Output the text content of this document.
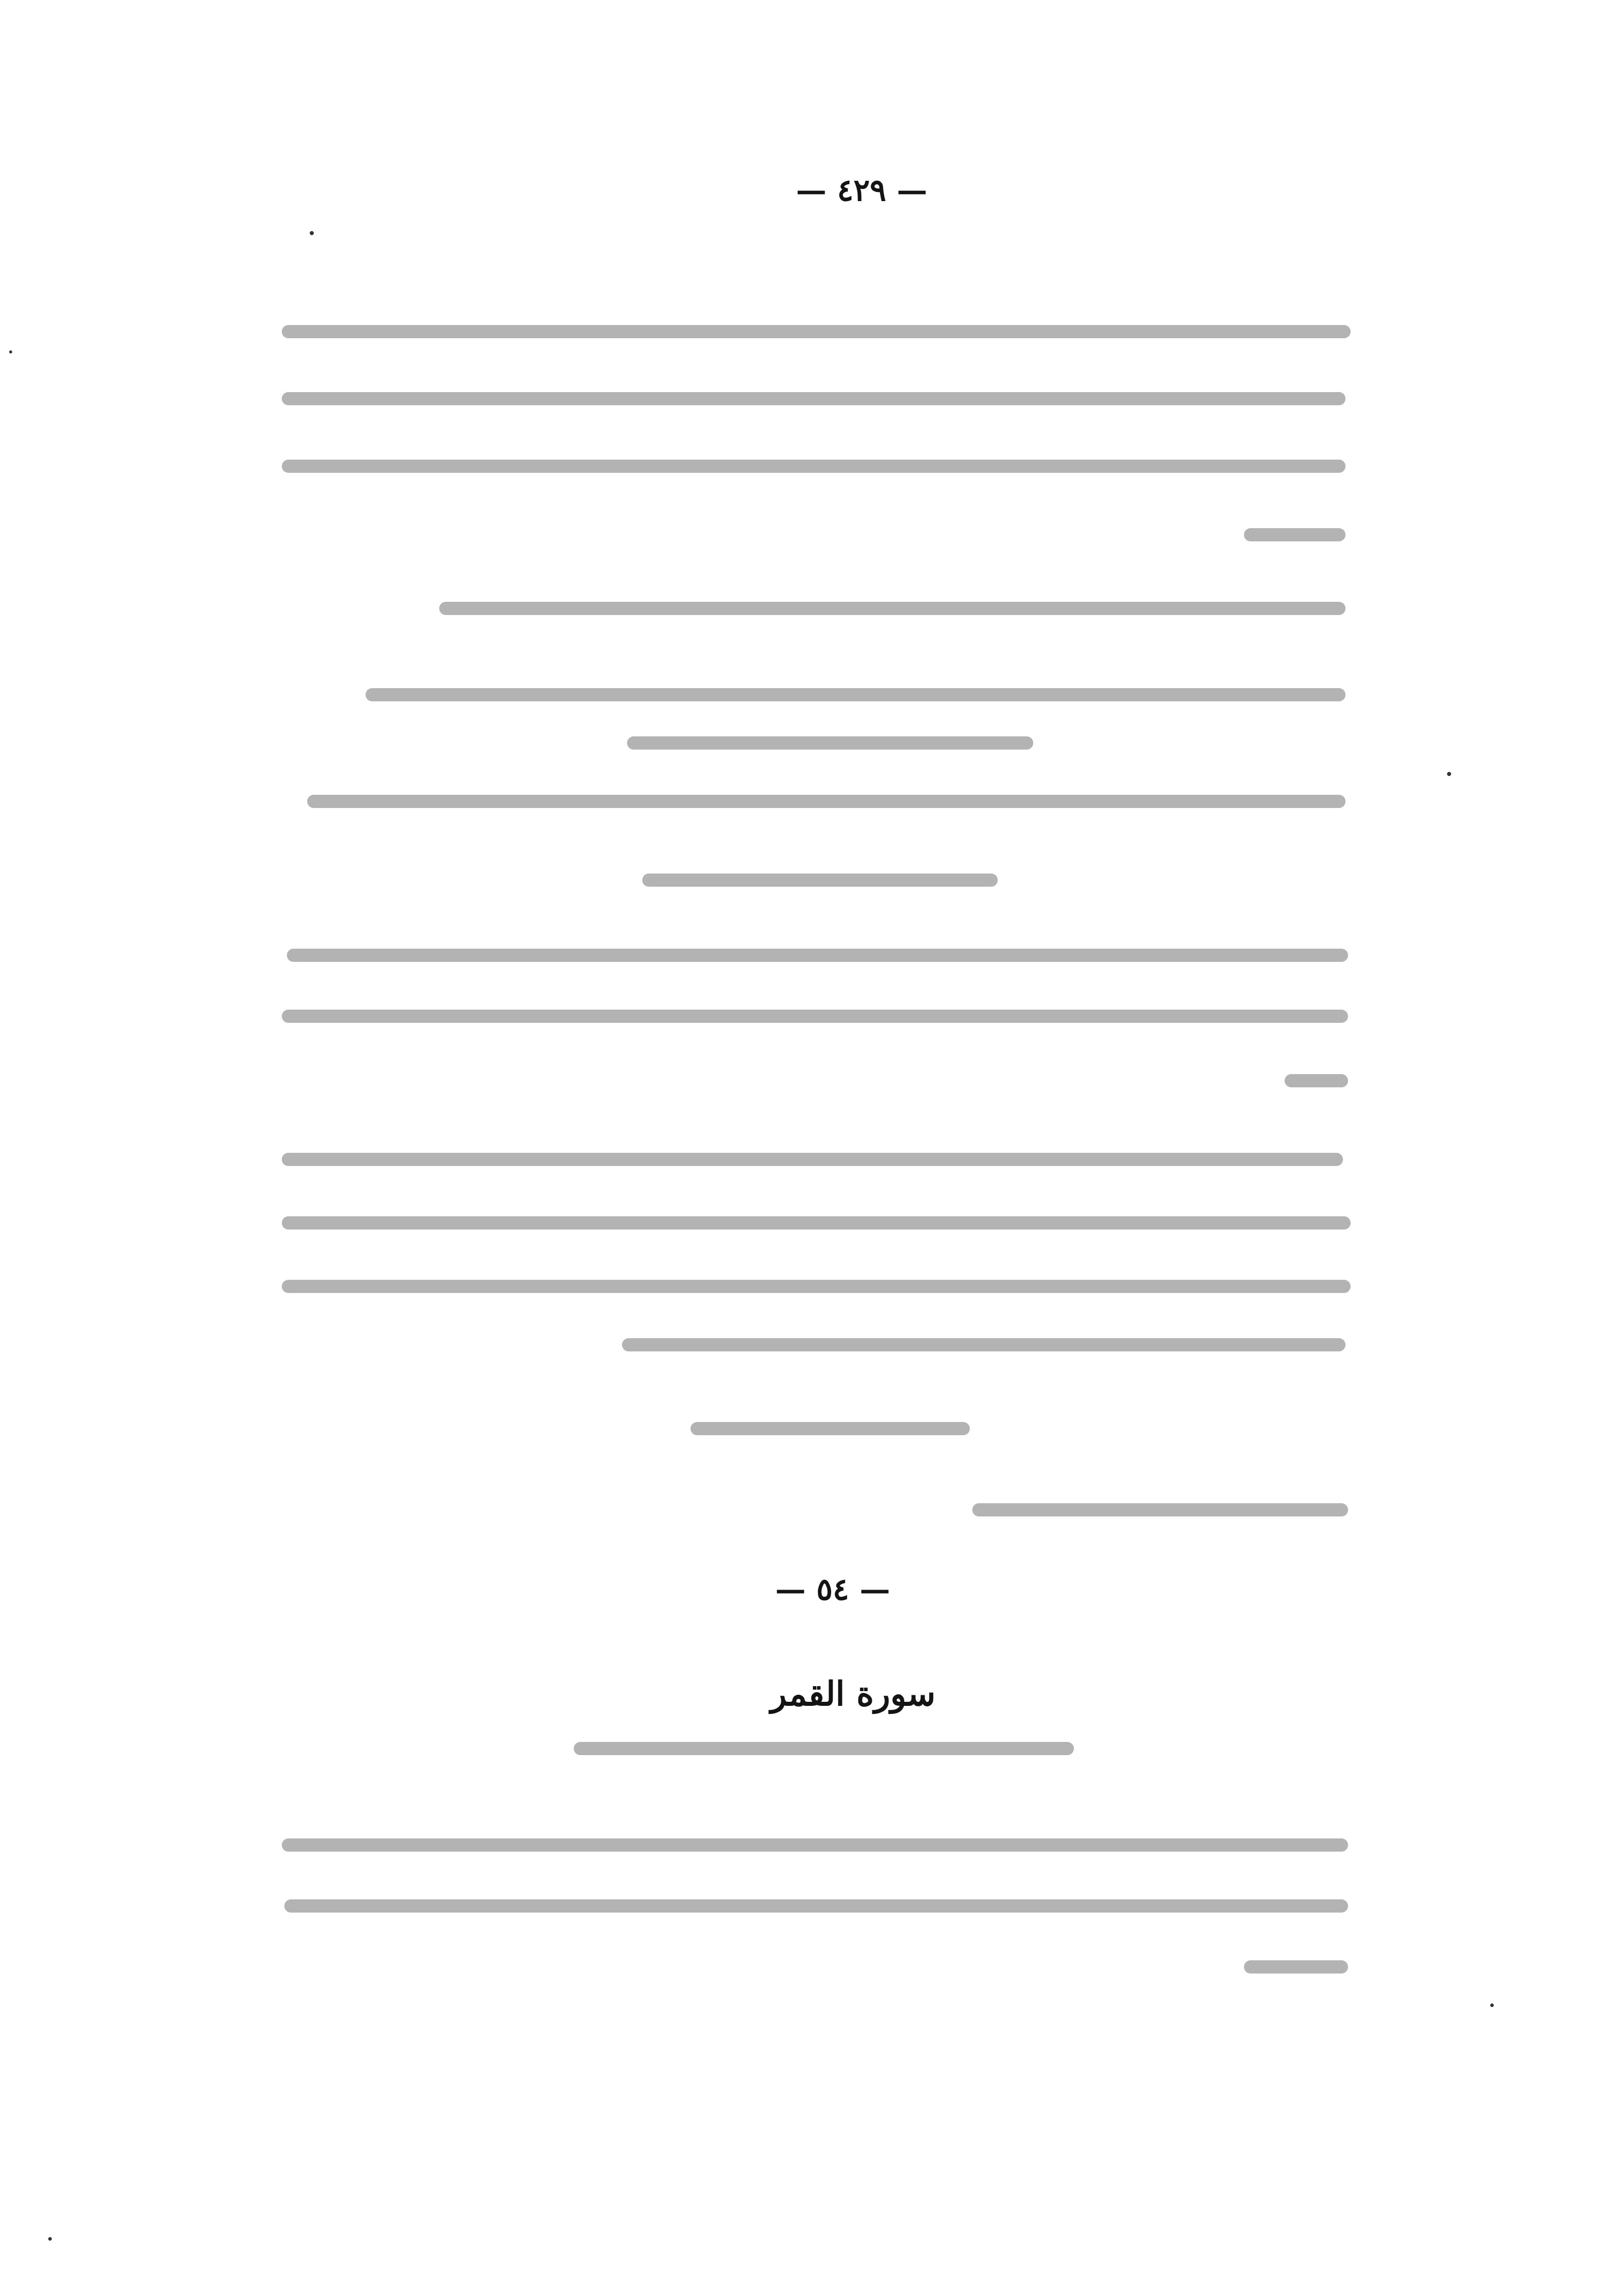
— ٤٢٩ —
— ٥٤ —
سورة القمر
